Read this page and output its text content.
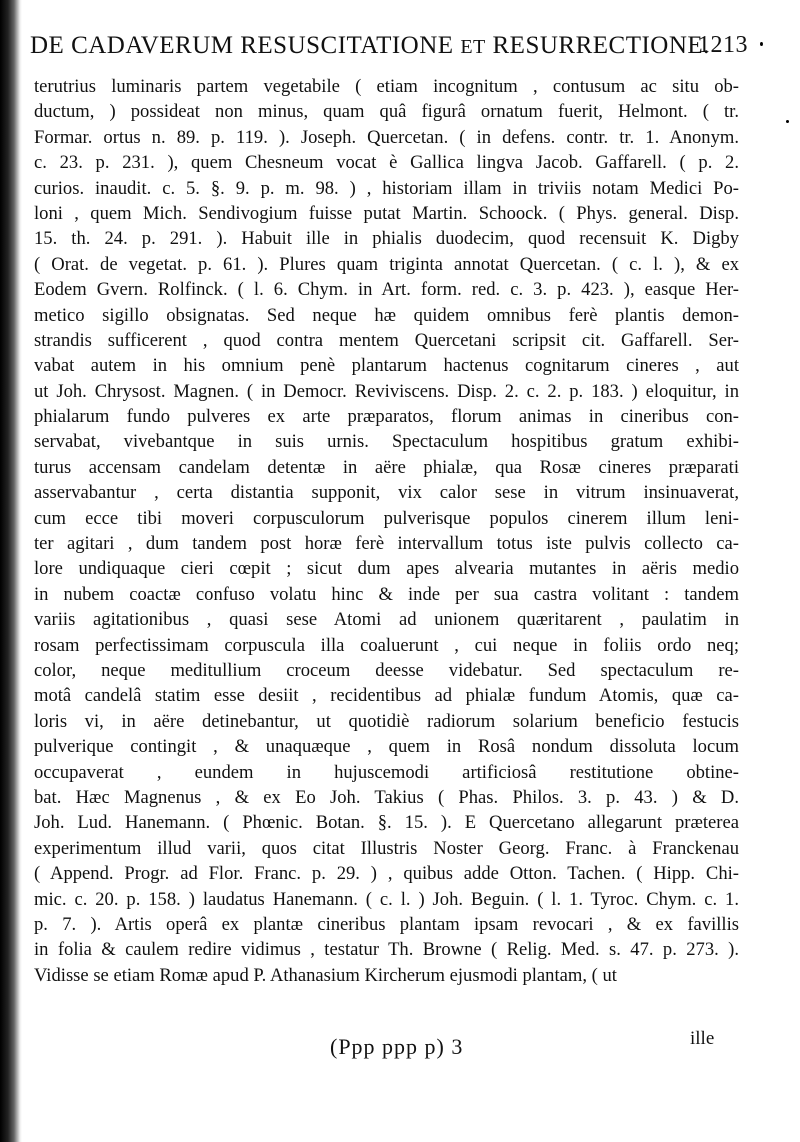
DE CADAVERUM RESUSCITATIONE ET RESURRECTIONE.
1213
terutrius luminaris partem vegetabile ( etiam incognitum , contusum ac situ ob-
ductum, ) possideat non minus, quam quâ figurâ ornatum fuerit, Helmont. ( tr.
Formar. ortus n. 89. p. 119. ). Joseph. Quercetan. ( in defens. contr. tr. 1. Anonym.
c. 23. p. 231. ), quem Chesneum vocat è Gallica lingva Jacob. Gaffarell. ( p. 2.
curios. inaudit. c. 5. §. 9. p. m. 98. ) , historiam illam in triviis notam Medici Po-
loni , quem Mich. Sendivogium fuisse putat Martin. Schoock. ( Phys. general. Disp.
15. th. 24. p. 291. ). Habuit ille in phialis duodecim, quod recensuit K. Digby
( Orat. de vegetat. p. 61. ). Plures quam triginta annotat Quercetan. ( c. l. ), & ex
Eodem Gvern. Rolfinck. ( l. 6. Chym. in Art. form. red. c. 3. p. 423. ), easque Her-
metico sigillo obsignatas. Sed neque hæ quidem omnibus ferè plantis demon-
strandis sufficerent , quod contra mentem Quercetani scripsit cit. Gaffarell. Ser-
vabat autem in his omnium penè plantarum hactenus cognitarum cineres , aut
ut Joh. Chrysost. Magnen. ( in Democr. Reviviscens. Disp. 2. c. 2. p. 183. ) eloquitur, in
phialarum fundo pulveres ex arte præparatos, florum animas in cineribus con-
servabat, vivebantque in suis urnis. Spectaculum hospitibus gratum exhibi-
turus accensam candelam detentæ in aëre phialæ, qua Rosæ cineres præparati
asservabantur , certa distantia supponit, vix calor sese in vitrum insinuaverat,
cum ecce tibi moveri corpusculorum pulverisque populos cinerem illum leni-
ter agitari , dum tandem post horæ ferè intervallum totus iste pulvis collecto ca-
lore undiquaque cieri cœpit ; sicut dum apes alvearia mutantes in aëris medio
in nubem coactæ confuso volatu hinc & inde per sua castra volitant : tandem
variis agitationibus , quasi sese Atomi ad unionem quæritarent , paulatim in
rosam perfectissimam corpuscula illa coaluerunt , cui neque in foliis ordo neq;
color, neque meditullium croceum deesse videbatur. Sed spectaculum re-
motâ candelâ statim esse desiit , recidentibus ad phialæ fundum Atomis, quæ ca-
loris vi, in aëre detinebantur, ut quotidiè radiorum solarium beneficio festucis
pulverique contingit , & unaquæque , quem in Rosâ nondum dissoluta locum
occupaverat , eundem in hujuscemodi artificiosâ restitutione obtine-
bat. Hæc Magnenus , & ex Eo Joh. Takius ( Phas. Philos. 3. p. 43. ) & D.
Joh. Lud. Hanemann. ( Phœnic. Botan. §. 15. ). E Quercetano allegarunt præterea
experimentum illud varii, quos citat Illustris Noster Georg. Franc. à Franckenau
( Append. Progr. ad Flor. Franc. p. 29. ) , quibus adde Otton. Tachen. ( Hipp. Chi-
mic. c. 20. p. 158. ) laudatus Hanemann. ( c. l. ) Joh. Beguin. ( l. 1. Tyroc. Chym. c. 1.
p. 7. ). Artis operâ ex plantæ cineribus plantam ipsam revocari , & ex favillis
in folia & caulem redire vidimus , testatur Th. Browne ( Relig. Med. s. 47. p. 273. ).
Vidisse se etiam Romæ apud P. Athanasium Kircherum ejusmodi plantam, ( ut
(Ppp ppp p) 3	ille
